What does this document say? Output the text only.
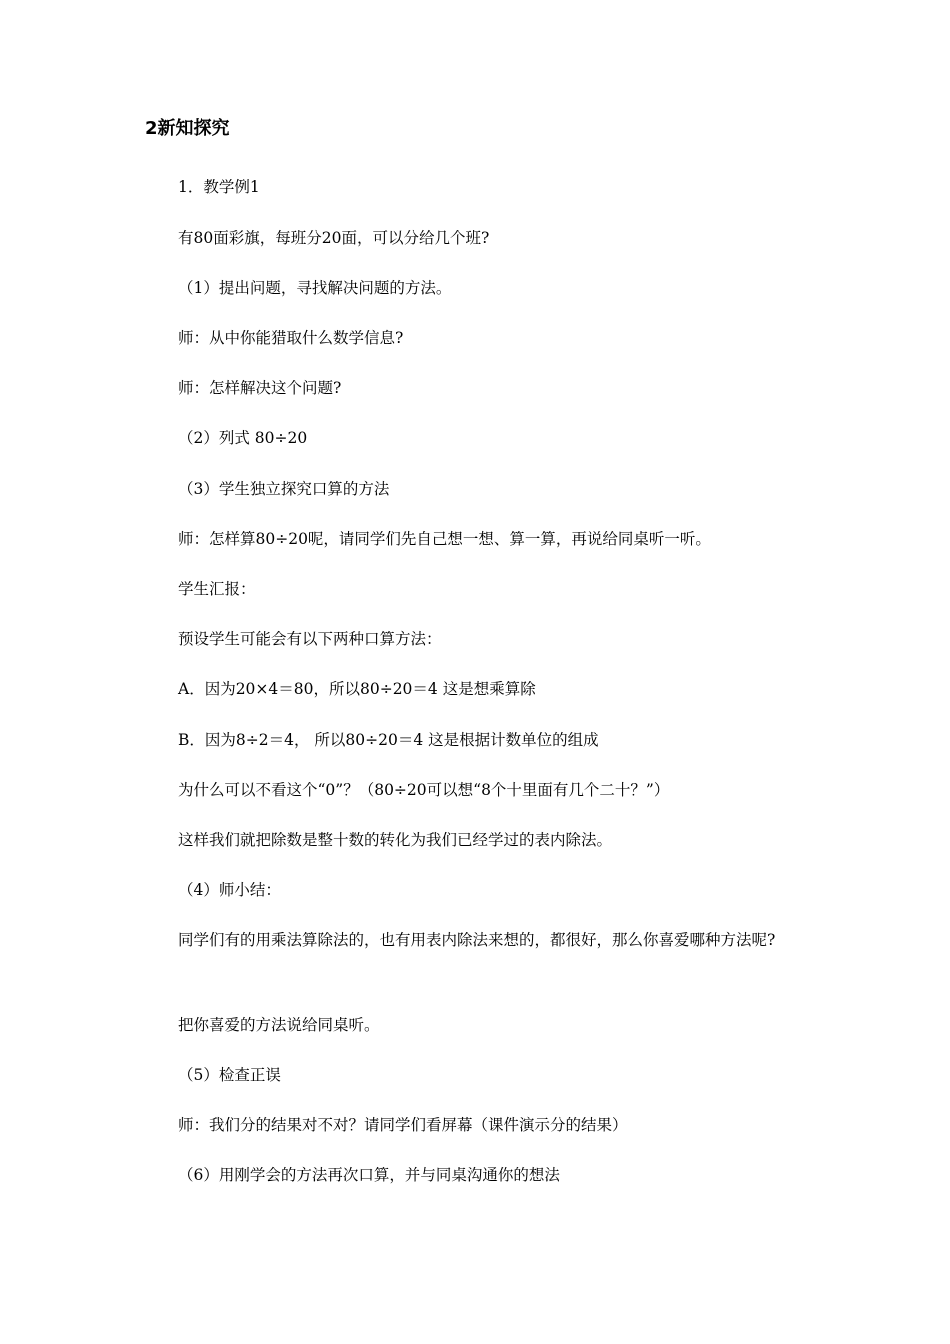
2新知探究
1．教学例1
有80面彩旗，每班分20面，可以分给几个班?
（1）提出问题，寻找解决问题的方法。
师：从中你能猎取什么数学信息?
师：怎样解决这个问题?
（2）列式 80÷20
（3）学生独立探究口算的方法
师：怎样算80÷20呢，请同学们先自己想一想、算一算，再说给同桌听一听。
学生汇报：
预设学生可能会有以下两种口算方法：
A．因为20×4＝80，所以80÷20＝4 这是想乘算除
B．因为8÷2＝4， 所以80÷20＝4 这是根据计数单位的组成
为什么可以不看这个“0”？（80÷20可以想“8个十里面有几个二十？”）
这样我们就把除数是整十数的转化为我们已经学过的表内除法。
（4）师小结：
同学们有的用乘法算除法的，也有用表内除法来想的，都很好，那么你喜爱哪种方法呢?
把你喜爱的方法说给同桌听。
（5）检查正误
师：我们分的结果对不对？请同学们看屏幕（课件演示分的结果）
（6）用刚学会的方法再次口算，并与同桌沟通你的想法
